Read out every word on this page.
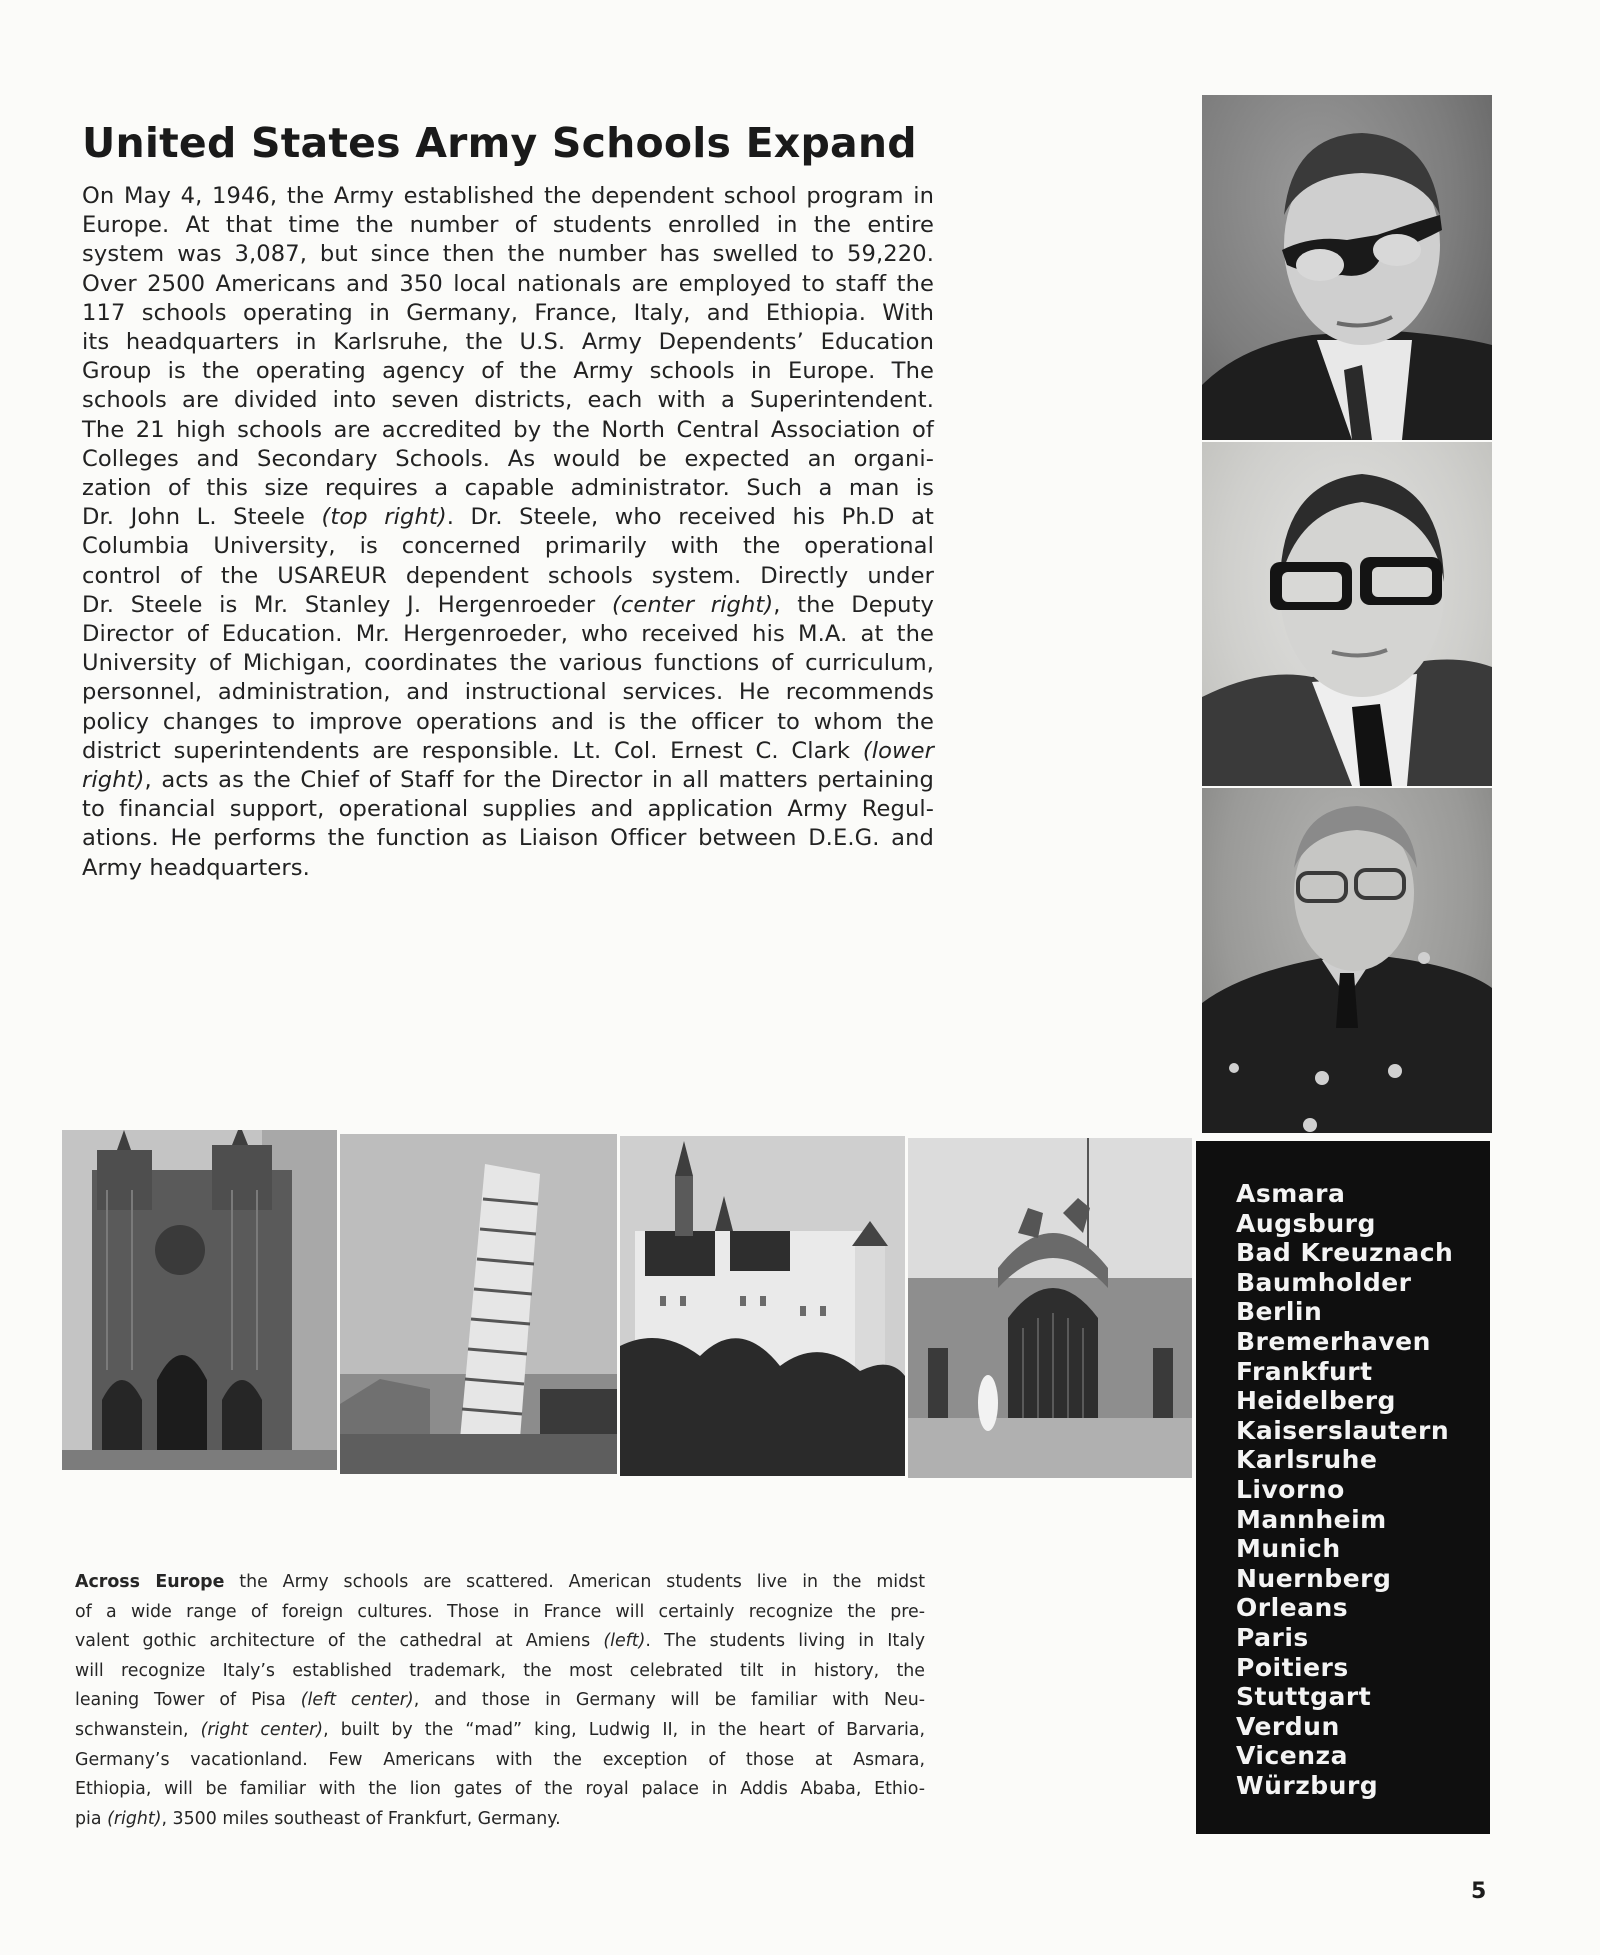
United States Army Schools Expand
On May 4, 1946, the Army established the dependent school program in
Europe. At that time the number of students enrolled in the entire
system was 3,087, but since then the number has swelled to 59,220.
Over 2500 Americans and 350 local nationals are employed to staff the
117 schools operating in Germany, France, Italy, and Ethiopia. With
its headquarters in Karlsruhe, the U.S. Army Dependents’ Education
Group is the operating agency of the Army schools in Europe. The
schools are divided into seven districts, each with a Superintendent.
The 21 high schools are accredited by the North Central Association of
Colleges and Secondary Schools. As would be expected an organi-
zation of this size requires a capable administrator. Such a man is
Dr. John L. Steele (top right). Dr. Steele, who received his Ph.D at
Columbia University, is concerned primarily with the operational
control of the USAREUR dependent schools system. Directly under
Dr. Steele is Mr. Stanley J. Hergenroeder (center right), the Deputy
Director of Education. Mr. Hergenroeder, who received his M.A. at the
University of Michigan, coordinates the various functions of curriculum,
personnel, administration, and instructional services. He recommends
policy changes to improve operations and is the officer to whom the
district superintendents are responsible. Lt. Col. Ernest C. Clark (lower
right), acts as the Chief of Staff for the Director in all matters pertaining
to financial support, operational supplies and application Army Regul-
ations. He performs the function as Liaison Officer between D.E.G. and
Army headquarters.
Asmara
Augsburg
Bad Kreuznach
Baumholder
Berlin
Bremerhaven
Frankfurt
Heidelberg
Kaiserslautern
Karlsruhe
Livorno
Mannheim
Munich
Nuernberg
Orleans
Paris
Poitiers
Stuttgart
Verdun
Vicenza
Würzburg
Across Europe the Army schools are scattered. American students live in the midst
of a wide range of foreign cultures. Those in France will certainly recognize the pre-
valent gothic architecture of the cathedral at Amiens (left). The students living in Italy
will recognize Italy’s established trademark, the most celebrated tilt in history, the
leaning Tower of Pisa (left center), and those in Germany will be familiar with Neu-
schwanstein, (right center), built by the “mad” king, Ludwig II, in the heart of Barvaria,
Germany’s vacationland. Few Americans with the exception of those at Asmara,
Ethiopia, will be familiar with the lion gates of the royal palace in Addis Ababa, Ethio-
pia (right), 3500 miles southeast of Frankfurt, Germany.
5
